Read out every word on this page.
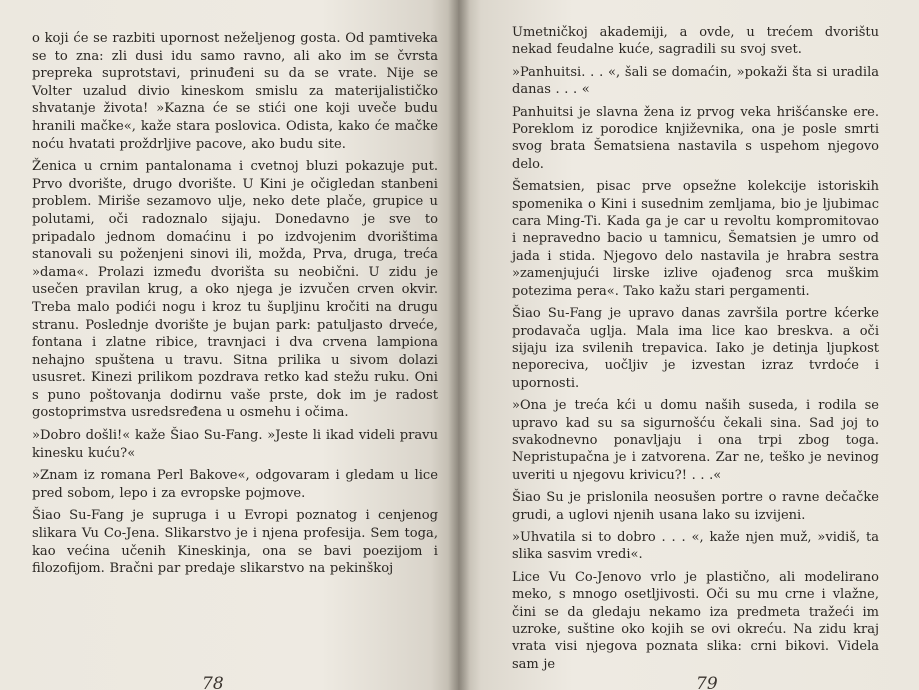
o koji će se razbiti upornost neželjenog gosta. Od pamtiveka se to zna: zli dusi idu samo ravno, ali ako im se čvrsta prepreka suprotstavi, prinuđeni su da se vrate. Nije se Volter uzalud divio kineskom smislu za materijalističko shvatanje života! »Kazna će se stići one koji uveče budu hranili mačke«, kaže stara poslovica. Odista, kako će mačke noću hvatati proždrljive pacove, ako budu site.

Ženica u crnim pantalonama i cvetnoj bluzi pokazuje put. Prvo dvorište, drugo dvorište. U Kini je očigledan stanbeni problem. Miriše sezamovo ulje, neko dete plače, grupice u polutami, oči radoznalo sijaju. Donedavno je sve to pripadalo jednom domaćinu i po izdvojenim dvorištima stanovali su poženjeni sinovi ili, možda, Prva, druga, treća »dama«. Prolazi između dvorišta su neobični. U zidu je usečen pravilan krug, a oko njega je izvučen crven okvir. Treba malo podići nogu i kroz tu šupljinu kročiti na drugu stranu. Poslednje dvorište je bujan park: patuljasto drveće, fontana i zlatne ribice, travnjaci i dva crvena lampiona nehajno spuštena u travu. Sitna prilika u sivom dolazi ususret. Kinezi prilikom pozdrava retko kad stežu ruku. Oni s puno poštovanja dodirnu vaše prste, dok im je radost gostoprimstva usredsređena u osmehu i očima.

»Dobro došli!« kaže Šiao Su-Fang. »Jeste li ikad videli pravu kinesku kuću?«

»Znam iz romana Perl Bakove«, odgovaram i gledam u lice pred sobom, lepo i za evropske pojmove.

Šiao Su-Fang je supruga i u Evropi poznatog i cenjenog slikara Vu Co-Jena. Slikarstvo je i njena profesija. Sem toga, kao većina učenih Kineskinja, ona se bavi poezijom i filozofijom. Bračni par predaje slikarstvo na pekinškoj

78

Umetničkoj akademiji, a ovde, u trećem dvorištu nekad feudalne kuće, sagradili su svoj svet.

»Panhuitsi. . . «, šali se domaćin, »pokaži šta si uradila danas . . . «

Panhuitsi je slavna žena iz prvog veka hrišćanske ere. Poreklom iz porodice književnika, ona je posle smrti svog brata Šematsiena nastavila s uspehom njegovo delo.

Šematsien, pisac prve opsežne kolekcije istoriskih spomenika o Kini i susednim zemljama, bio je ljubimac cara Ming-Ti. Kada ga je car u revoltu kompromitovao i nepravedno bacio u tamnicu, Šematsien je umro od jada i stida. Njegovo delo nastavila je hrabra sestra »zamenjujući lirske izlive ojađenog srca muškim potezima pera«. Tako kažu stari pergamenti.

Šiao Su-Fang je upravo danas završila portre kćerke prodavača uglja. Mala ima lice kao breskva. a oči sijaju iza svilenih trepavica. Iako je detinja ljupkost neporecivа, uočljiv je izvestan izraz tvrdoće i upornosti.

»Ona je treća kći u domu naših suseda, i rodila se upravo kad su sa sigurnošću čekali sina. Sad joj to svakodnevno ponavljaju i ona trpi zbog toga. Nepristupačna je i zatvorena. Zar ne, teško je nevinog uveriti u njegovu krivicu?! . . .«

Šiao Su je prislonila neosušen portre o ravne dečačke grudi, a uglovi njenih usana lako su izvijeni.

»Uhvatila si to dobro . . . «, kaže njen muž, »vidiš, ta slika sasvim vredi«.

Lice Vu Co-Jenovo vrlo je plastično, ali modelirano meko, s mnogo osetljivosti. Oči su mu crne i vlažne, čini se da gledaju nekamo iza predmeta tražeći im uzroke, suštine oko kojih se ovi okreću. Na zidu kraj vrata visi njegova poznata slika: crni bikovi. Videla sam je

79
